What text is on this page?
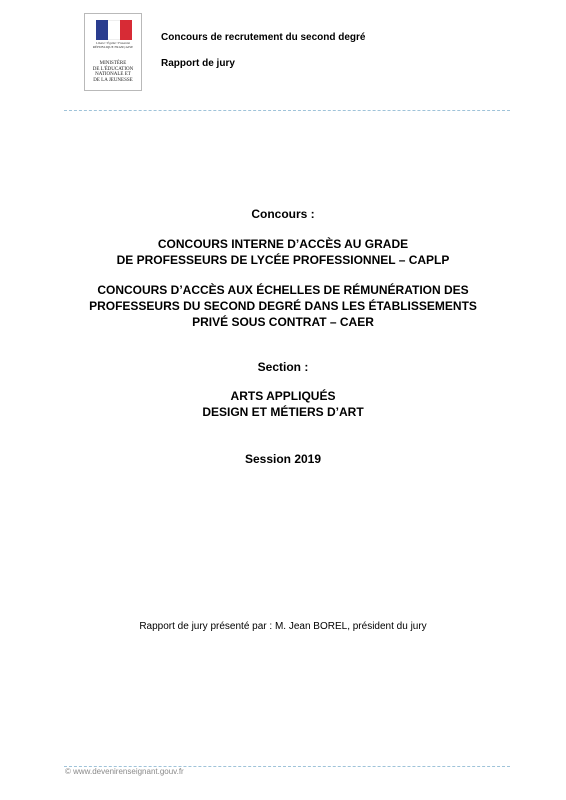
Liberté • Égalité • Fraternité
RÉPUBLIQUE FRANÇAISE
MINISTÈRE
DE L'ÉDUCATION
NATIONALE ET
DE LA JEUNESSE
Concours de recrutement du second degré
Rapport de jury
Concours :
CONCOURS INTERNE D’ACCÈS AU GRADE
DE PROFESSEURS DE LYCÉE PROFESSIONNEL – CAPLP
CONCOURS D’ACCÈS AUX ÉCHELLES DE RÉMUNÉRATION DES
PROFESSEURS DU SECOND DEGRÉ DANS LES ÉTABLISSEMENTS
PRIVÉ SOUS CONTRAT – CAER
Section :
ARTS APPLIQUÉS
DESIGN ET MÉTIERS D’ART
Session 2019
Rapport de jury présenté par : M. Jean BOREL, président du jury
© www.devenirenseignant.gouv.fr
